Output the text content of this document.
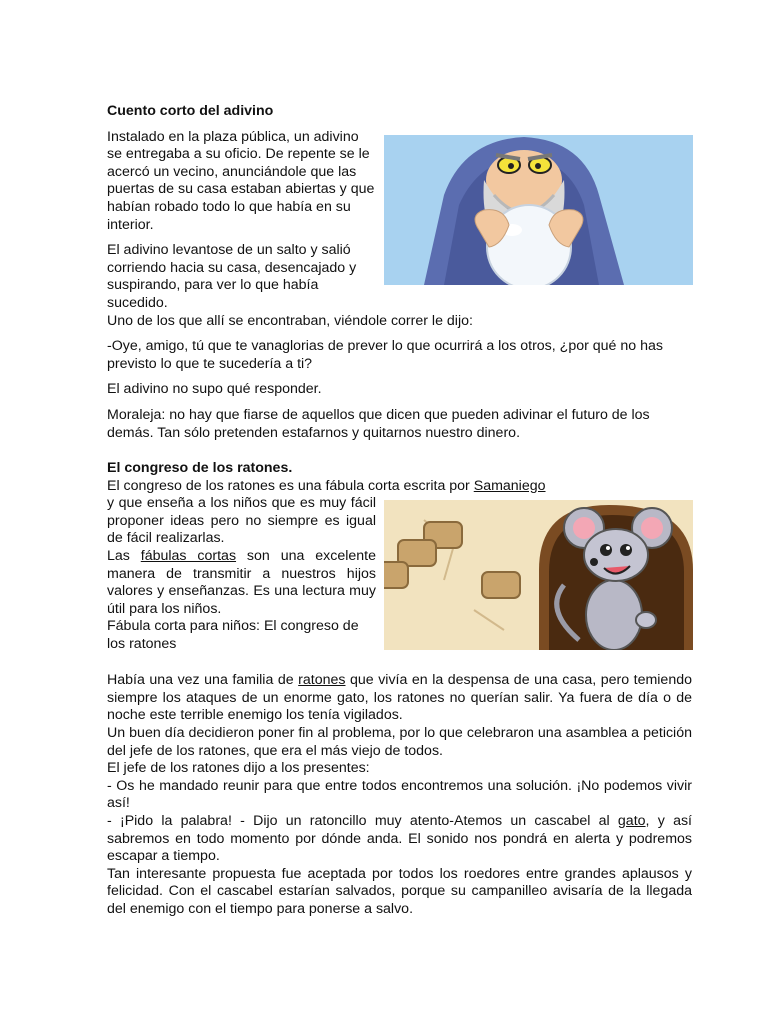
Cuento corto del adivino

Instalado en la plaza pública, un adivino se entregaba a su oficio. De repente se le acercó un vecino, anunciándole que las puertas de su casa estaban abiertas y que habían robado todo lo que había en su interior.

El adivino levantose de un salto y salió corriendo hacia su casa, desencajado y suspirando, para ver lo que había sucedido.
Uno de los que allí se encontraban, viéndole correr le dijo:

-Oye, amigo, tú que te vanaglorias de prever lo que ocurrirá a los otros, ¿por qué no has previsto lo que te sucedería a ti?

El adivino no supo qué responder.

Moraleja: no hay que fiarse de aquellos que dicen que pueden adivinar el futuro de los demás. Tan sólo pretenden estafarnos y quitarnos nuestro dinero.

El congreso de los ratones.

El congreso de los ratones es una fábula corta escrita por Samaniego

y que enseña a los niños que es muy fácil proponer ideas pero no siempre es igual de fácil realizarlas.

Las fábulas cortas son una excelente manera de transmitir a nuestros hijos valores y enseñanzas. Es una lectura muy útil para los niños.

Fábula corta para niños: El congreso de los ratones

Había una vez una familia de ratones que vivía en la despensa de una casa, pero temiendo siempre los ataques de un enorme gato, los ratones no querían salir. Ya fuera de día o de noche este terrible enemigo los tenía vigilados.

Un buen día decidieron poner fin al problema, por lo que celebraron una asamblea a petición del jefe de los ratones, que era el más viejo de todos.

El jefe de los ratones dijo a los presentes:

- Os he mandado reunir para que entre todos encontremos una solución. ¡No podemos vivir así!

- ¡Pido la palabra! - Dijo un ratoncillo muy atento-Atemos un cascabel al gato, y así sabremos en todo momento por dónde anda. El sonido nos pondrá en alerta y podremos escapar a tiempo.

Tan interesante propuesta fue aceptada por todos los roedores entre grandes aplausos y felicidad. Con el cascabel estarían salvados, porque su campanilleo avisaría de la llegada del enemigo con el tiempo para ponerse a salvo.
